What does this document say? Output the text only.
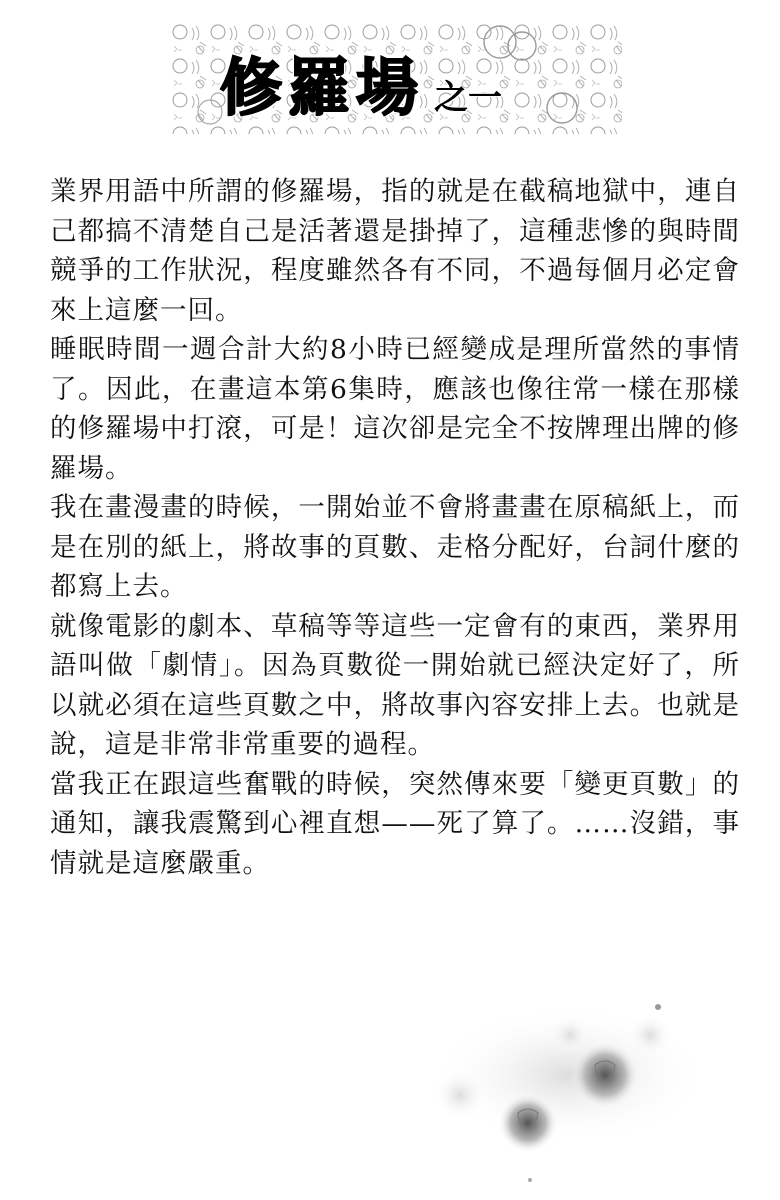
修羅場 之一

業界用語中所謂的修羅場，指的就是在截稿地獄中，連自己都搞不清楚自己是活著還是掛掉了，這種悲慘的與時間競爭的工作狀況，程度雖然各有不同，不過每個月必定會來上這麼一回。

睡眠時間一週合計大約8小時已經變成是理所當然的事情了。因此，在畫這本第6集時，應該也像往常一樣在那樣的修羅場中打滾，可是！這次卻是完全不按牌理出牌的修羅場。

我在畫漫畫的時候，一開始並不會將畫畫在原稿紙上，而是在別的紙上，將故事的頁數、走格分配好，台詞什麼的都寫上去。

就像電影的劇本、草稿等等這些一定會有的東西，業界用語叫做「劇情」。因為頁數從一開始就已經決定好了，所以就必須在這些頁數之中，將故事內容安排上去。也就是說，這是非常非常重要的過程。

當我正在跟這些奮戰的時候，突然傳來要「變更頁數」的通知，讓我震驚到心裡直想——死了算了。……沒錯，事情就是這麼嚴重。
